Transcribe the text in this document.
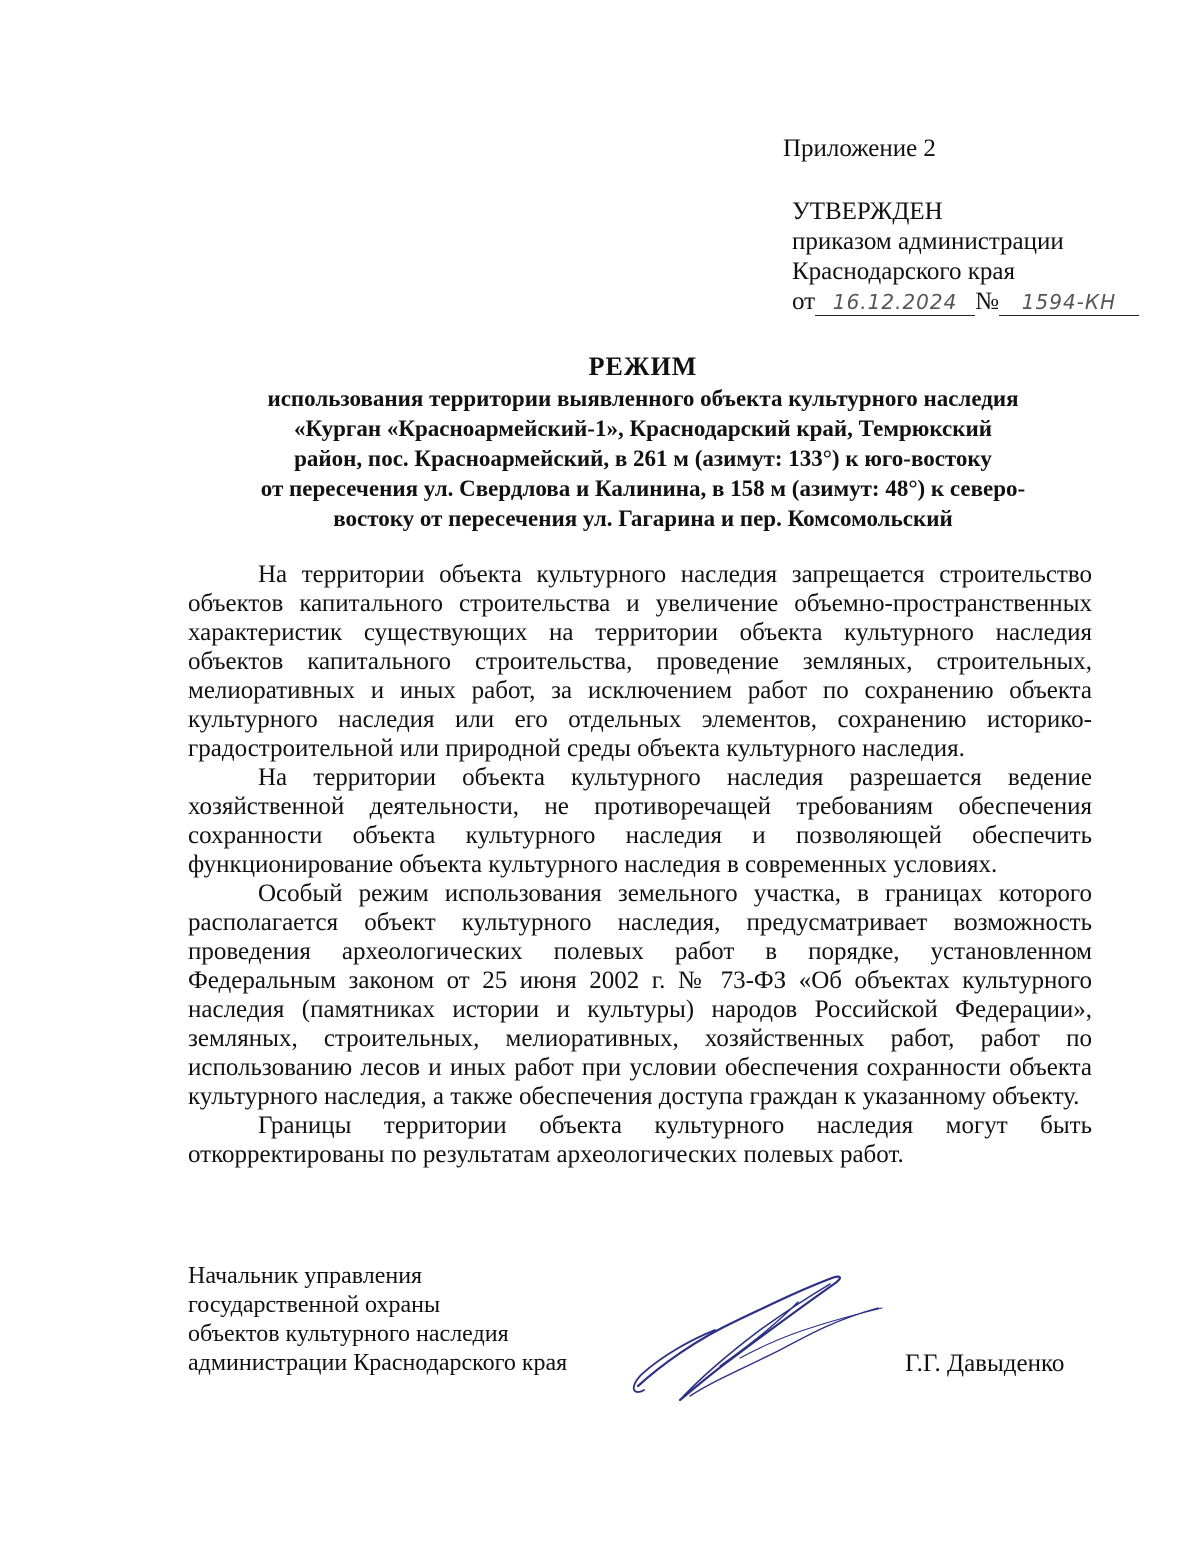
Приложение 2
УТВЕРЖДЕН
приказом администрации
Краснодарского края
от 16.12.2024 № 1594-КН
РЕЖИМ
использования территории выявленного объекта культурного наследия
«Курган «Красноармейский-1», Краснодарский край, Темрюкский
район, пос. Красноармейский, в 261 м (азимут: 133°) к юго-востоку
от пересечения ул. Свердлова и Калинина, в 158 м (азимут: 48°) к северо-
востоку от пересечения ул. Гагарина и пер. Комсомольский

На территории объекта культурного наследия запрещается строительство объектов капитального строительства и увеличение объемно-пространственных характеристик существующих на территории объекта культурного наследия объектов капитального строительства, проведение земляных, строительных, мелиоративных и иных работ, за исключением работ по сохранению объекта культурного наследия или его отдельных элементов, сохранению историко-градостроительной или природной среды объекта культурного наследия.

На территории объекта культурного наследия разрешается ведение хозяйственной деятельности, не противоречащей требованиям обеспечения сохранности объекта культурного наследия и позволяющей обеспечить функционирование объекта культурного наследия в современных условиях.

Особый режим использования земельного участка, в границах которого располагается объект культурного наследия, предусматривает возможность проведения археологических полевых работ в порядке, установленном Федеральным законом от 25 июня 2002 г. № 73-ФЗ «Об объектах культурного наследия (памятниках истории и культуры) народов Российской Федерации», земляных, строительных, мелиоративных, хозяйственных работ, работ по использованию лесов и иных работ при условии обеспечения сохранности объекта культурного наследия, а также обеспечения доступа граждан к указанному объекту.

Границы территории объекта культурного наследия могут быть откорректированы по результатам археологических полевых работ.

Начальник управления
государственной охраны
объектов культурного наследия
администрации Краснодарского края	Г.Г. Давыденко
